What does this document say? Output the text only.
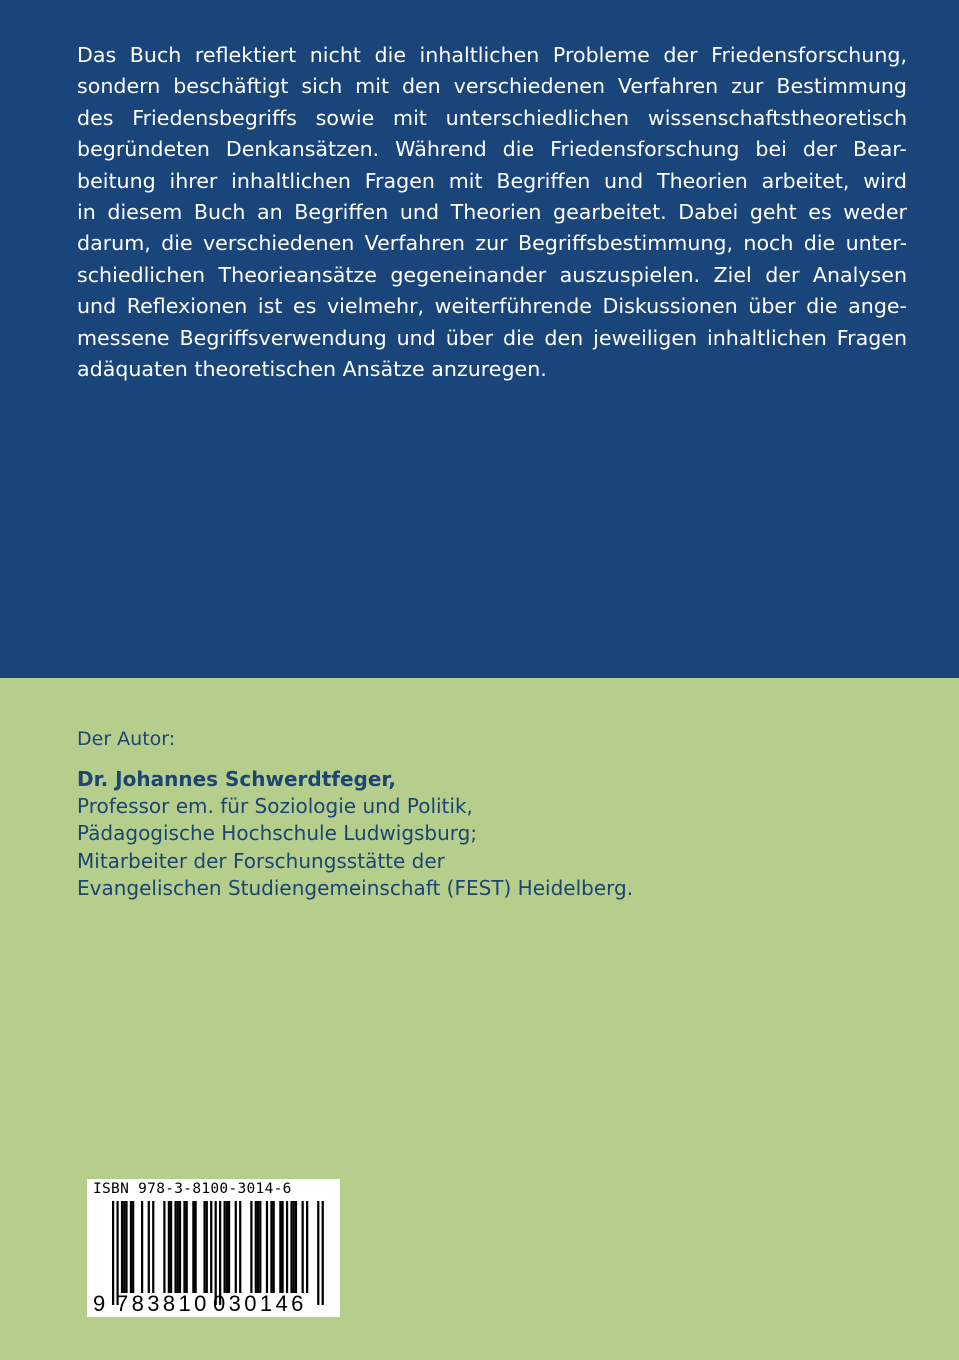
Das Buch reflektiert nicht die inhaltlichen Probleme der Friedensforschung,
sondern beschäftigt sich mit den verschiedenen Verfahren zur Bestimmung
des Friedensbegriffs sowie mit unterschiedlichen wissenschaftstheoretisch
begründeten Denkansätzen. Während die Friedensforschung bei der Bear-
beitung ihrer inhaltlichen Fragen mit Begriffen und Theorien arbeitet, wird
in diesem Buch an Begriffen und Theorien gearbeitet. Dabei geht es weder
darum, die verschiedenen Verfahren zur Begriffsbestimmung, noch die unter-
schiedlichen Theorieansätze gegeneinander auszuspielen. Ziel der Analysen
und Reflexionen ist es vielmehr, weiterführende Diskussionen über die ange-
messene Begriffsverwendung und über die den jeweiligen inhaltlichen Fragen
adäquaten theoretischen Ansätze anzuregen.
Der Autor:
Dr. Johannes Schwerdtfeger,
Professor em. für Soziologie und Politik,
Pädagogische Hochschule Ludwigsburg;
Mitarbeiter der Forschungsstätte der
Evangelischen Studiengemeinschaft (FEST) Heidelberg.
ISBN 978-3-8100-3014-6
9 783810 030146
